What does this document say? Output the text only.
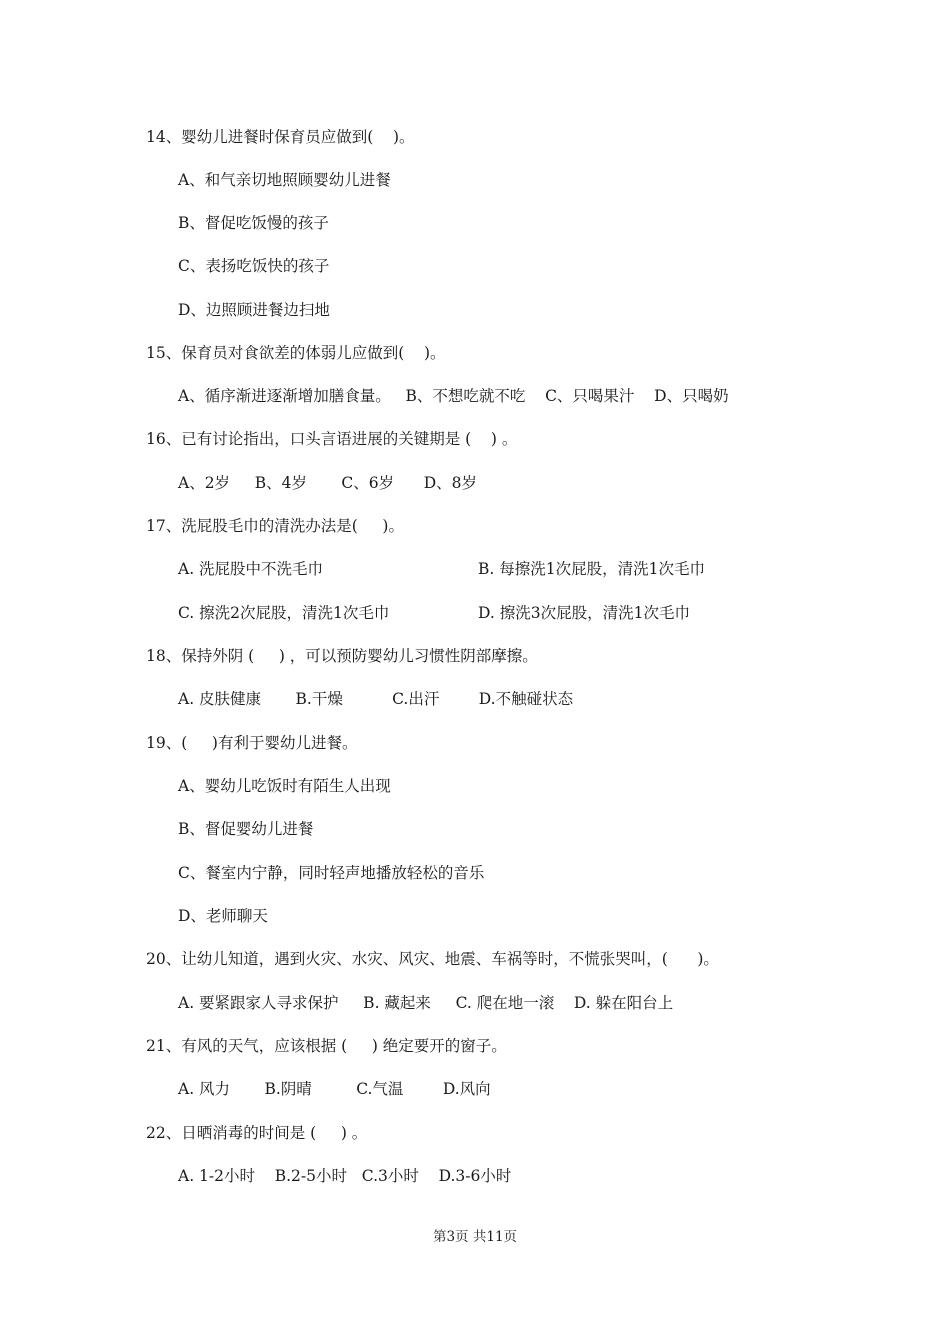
14、婴幼儿进餐时保育员应做到(    )。
A、和气亲切地照顾婴幼儿进餐
B、督促吃饭慢的孩子
C、表扬吃饭快的孩子
D、边照顾进餐边扫地
15、保育员对食欲差的体弱儿应做到(    )。
A、循序渐进逐渐增加膳食量。   B、不想吃就不吃    C、只喝果汁    D、只喝奶
16、已有讨论指出，口头言语进展的关键期是 (    ) 。
A、2岁     B、4岁       C、6岁      D、8岁
17、洗屁股毛巾的清洗办法是(     )。
A. 洗屁股中不洗毛巾	B. 每擦洗1次屁股，清洗1次毛巾
C. 擦洗2次屁股，清洗1次毛巾	D. 擦洗3次屁股，清洗1次毛巾
18、保持外阴 (     ) ，可以预防婴幼儿习惯性阴部摩擦。
A. 皮肤健康       B.干燥          C.出汗        D.不触碰状态
19、(     )有利于婴幼儿进餐。
A、婴幼儿吃饭时有陌生人出现
B、督促婴幼儿进餐
C、餐室内宁静，同时轻声地播放轻松的音乐
D、老师聊天
20、让幼儿知道，遇到火灾、水灾、风灾、地震、车祸等时，不慌张哭叫，(      )。
A. 要紧跟家人寻求保护     B. 藏起来     C. 爬在地一滚    D. 躲在阳台上
21、有风的天气，应该根据 (     ) 绝定要开的窗子。
A. 风力       B.阴晴         C.气温        D.风向
22、日晒消毒的时间是 (     ) 。
A. 1-2小时    B.2-5小时   C.3小时    D.3-6小时
第3页 共11页
